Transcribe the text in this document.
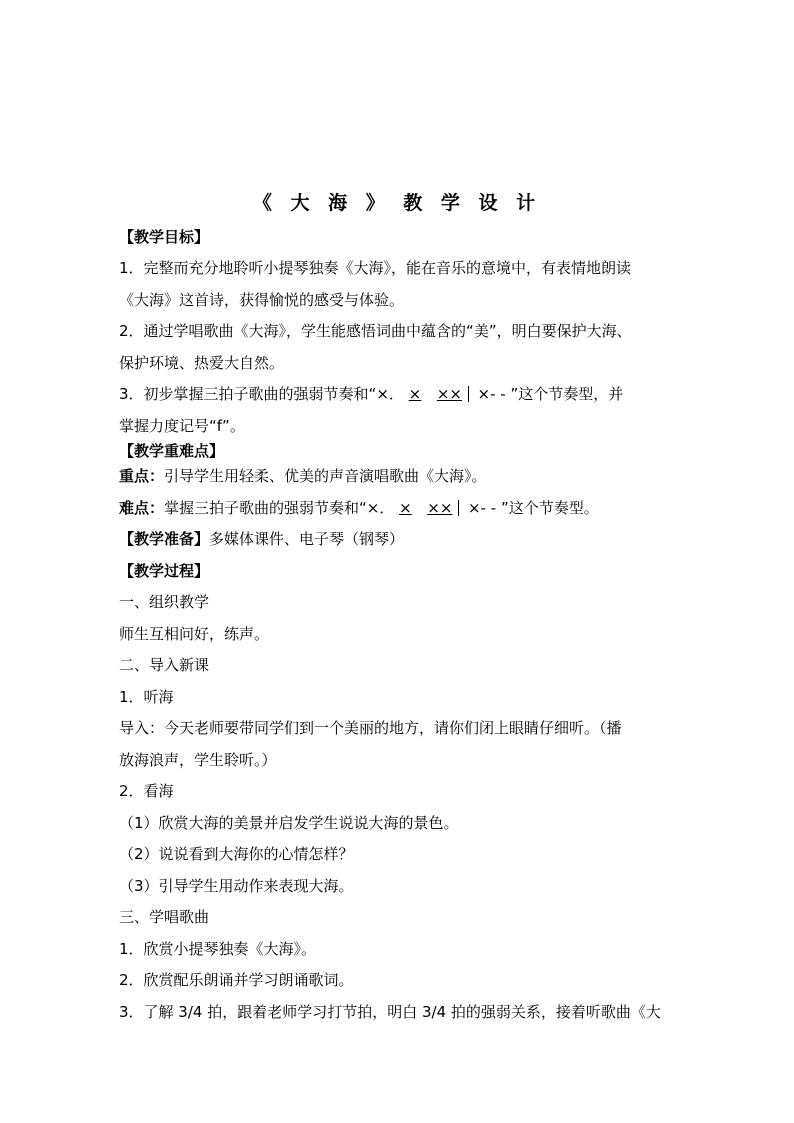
《 大 海 》 教 学 设 计
【教学目标】
1．完整而充分地聆听小提琴独奏《大海》，能在音乐的意境中，有表情地朗读
《大海》这首诗，获得愉悦的感受与体验。
2．通过学唱歌曲《大海》，学生能感悟词曲中蕴含的“美”，明白要保护大海、
保护环境、热爱大自然。
3．初步掌握三拍子歌曲的强弱节奏和“×． × ×× ×- - ”这个节奏型，并
掌握力度记号“f”。
【教学重难点】
重点：引导学生用轻柔、优美的声音演唱歌曲《大海》。
难点：掌握三拍子歌曲的强弱节奏和“×． × ×× ×- - ”这个节奏型。
【教学准备】多媒体课件、电子琴（钢琴）
【教学过程】
一、组织教学
师生互相问好，练声。
二、导入新课
1．听海
导入：今天老师要带同学们到一个美丽的地方，请你们闭上眼睛仔细听。（播
放海浪声，学生聆听。）
2．看海
（1）欣赏大海的美景并启发学生说说大海的景色。
（2）说说看到大海你的心情怎样？
（3）引导学生用动作来表现大海。
三、学唱歌曲
1．欣赏小提琴独奏《大海》。
2．欣赏配乐朗诵并学习朗诵歌词。
3．了解 3/4 拍，跟着老师学习打节拍，明白 3/4 拍的强弱关系，接着听歌曲《大
